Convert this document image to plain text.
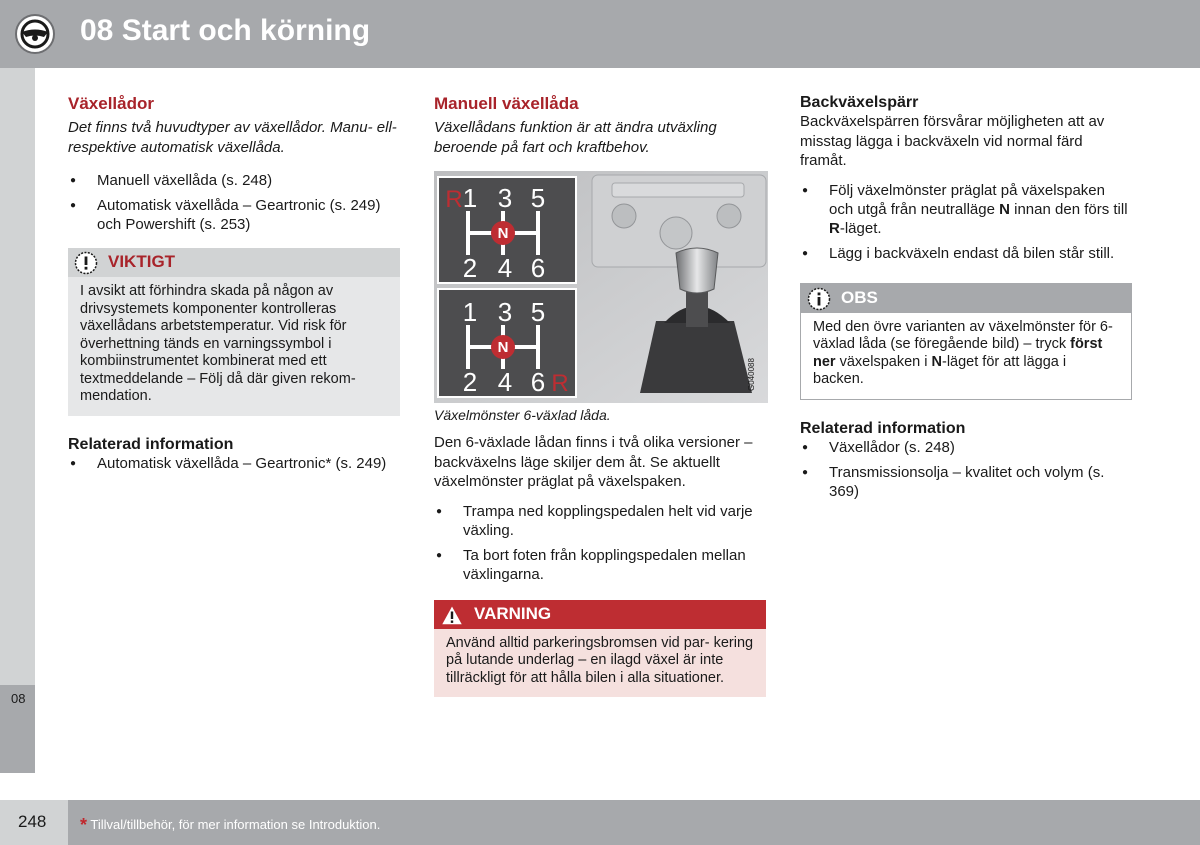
08 Start och körning
08
Växellådor

Det finns två huvudtyper av växellådor. Manu- ell- respektive automatisk växellåda.

● Manuell växellåda (s. 248)
● Automatisk växellåda – Geartronic (s. 249) och Powershift (s. 253)
VIKTIGT
I avsikt att förhindra skada på någon av drivsystemets komponenter kontrolleras växellådans arbetstemperatur. Vid risk för överhettning tänds en varningssymbol i kombiinstrumentet kombinerat med ett textmeddelande – Följ då där given rekom- mendation.
Relaterad information
● Automatisk växellåda – Geartronic* (s. 249)
Manuell växellåda

Växellådans funktion är att ändra utväxling beroende på fart och kraftbehov.

1 3 5
2 4 6
1 3 5
2 4 6
R
R
N
N
G040088

Växelmönster 6-växlad låda.

Den 6-växlade lådan finns i två olika versioner – backväxelns läge skiljer dem åt. Se aktuellt växelmönster präglat på växelspaken.

● Trampa ned kopplingspedalen helt vid varje växling.
● Ta bort foten från kopplingspedalen mellan växlingarna.
VARNING
Använd alltid parkeringsbromsen vid par- kering på lutande underlag – en ilagd växel är inte tillräckligt för att hålla bilen i alla situationer.
Backväxelspärr

Backväxelspärren försvårar möjligheten att av misstag lägga i backväxeln vid normal färd framåt.

● Följ växelmönster präglat på växelspaken och utgå från neutralläge N innan den förs till R-läget.
● Lägg i backväxeln endast då bilen står still.
OBS
Med den övre varianten av växelmönster för 6-växlad låda (se föregående bild) – tryck först ner växelspaken i N-läget för att lägga i backen.
Relaterad information
● Växellådor (s. 248)
● Transmissionsolja – kvalitet och volym (s. 369)
248 * Tillval/tillbehör, för mer information se Introduktion.
